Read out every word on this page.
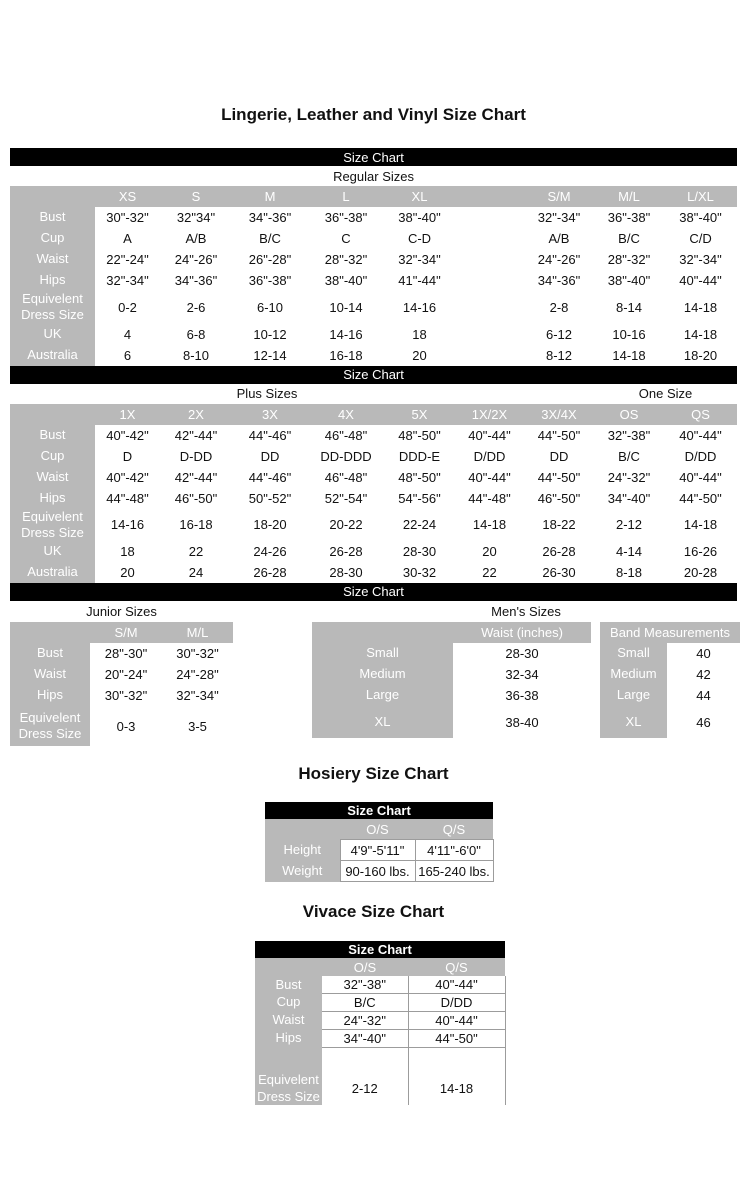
Lingerie, Leather and Vinyl Size Chart
Size Chart									
Regular Sizes									
	XS	S	M	L	XL		S/M	M/L	L/XL
Bust	30"-32"	32"34"	34"-36"	36"-38"	38"-40"		32"-34"	36"-38"	38"-40"
Cup	A	A/B	B/C	C	C-D		A/B	B/C	C/D
Waist	22"-24"	24"-26"	26"-28"	28"-32"	32"-34"		24"-26"	28"-32"	32"-34"
Hips	32"-34"	34"-36"	36"-38"	38"-40"	41"-44"		34"-36"	38"-40"	40"-44"
Equivelent Dress Size	0-2	2-6	6-10	10-14	14-16		2-8	8-14	14-18
UK	4	6-8	10-12	14-16	18		6-12	10-16	14-18
Australia	6	8-10	12-14	16-18	20		8-12	14-18	18-20
Size Chart									
Plus Sizes								One Size	
	1X	2X	3X	4X	5X	1X/2X	3X/4X	OS	QS
Bust	40"-42"	42"-44"	44"-46"	46"-48"	48"-50"	40"-44"	44"-50"	32"-38"	40"-44"
Cup	D	D-DD	DD	DD-DDD	DDD-E	D/DD	DD	B/C	D/DD
Waist	40"-42"	42"-44"	44"-46"	46"-48"	48"-50"	40"-44"	44"-50"	24"-32"	40"-44"
Hips	44"-48"	46"-50"	50"-52"	52"-54"	54"-56"	44"-48"	46"-50"	34"-40"	44"-50"
Equivelent Dress Size	14-16	16-18	18-20	20-22	22-24	14-18	18-22	2-12	14-18
UK	18	22	24-26	26-28	28-30	20	26-28	4-14	16-26
Australia	20	24	26-28	28-30	30-32	22	26-30	8-18	20-28
Size Chart
Junior Sizes
	S/M	M/L
Bust	28"-30"	30"-32"
Waist	20"-24"	24"-28"
Hips	30"-32"	32"-34"
Equivelent Dress Size	0-3	3-5
Men's Sizes
	Waist (inches)
Small	28-30
Medium	32-34
Large	36-38
XL	38-40
Band Measurements	
Small	40
Medium	42
Large	44
XL	46
Hosiery Size Chart
Size Chart		
	O/S	Q/S
Height	4'9"-5'11"	4'11"-6'0"
Weight	90-160 lbs.	165-240 lbs.
Vivace Size Chart
Size Chart		
	O/S	Q/S
Bust	32"-38"	40"-44"
Cup	B/C	D/DD
Waist	24"-32"	40"-44"
Hips	34"-40"	44"-50"

Equivelent Dress Size	2-12	14-18
